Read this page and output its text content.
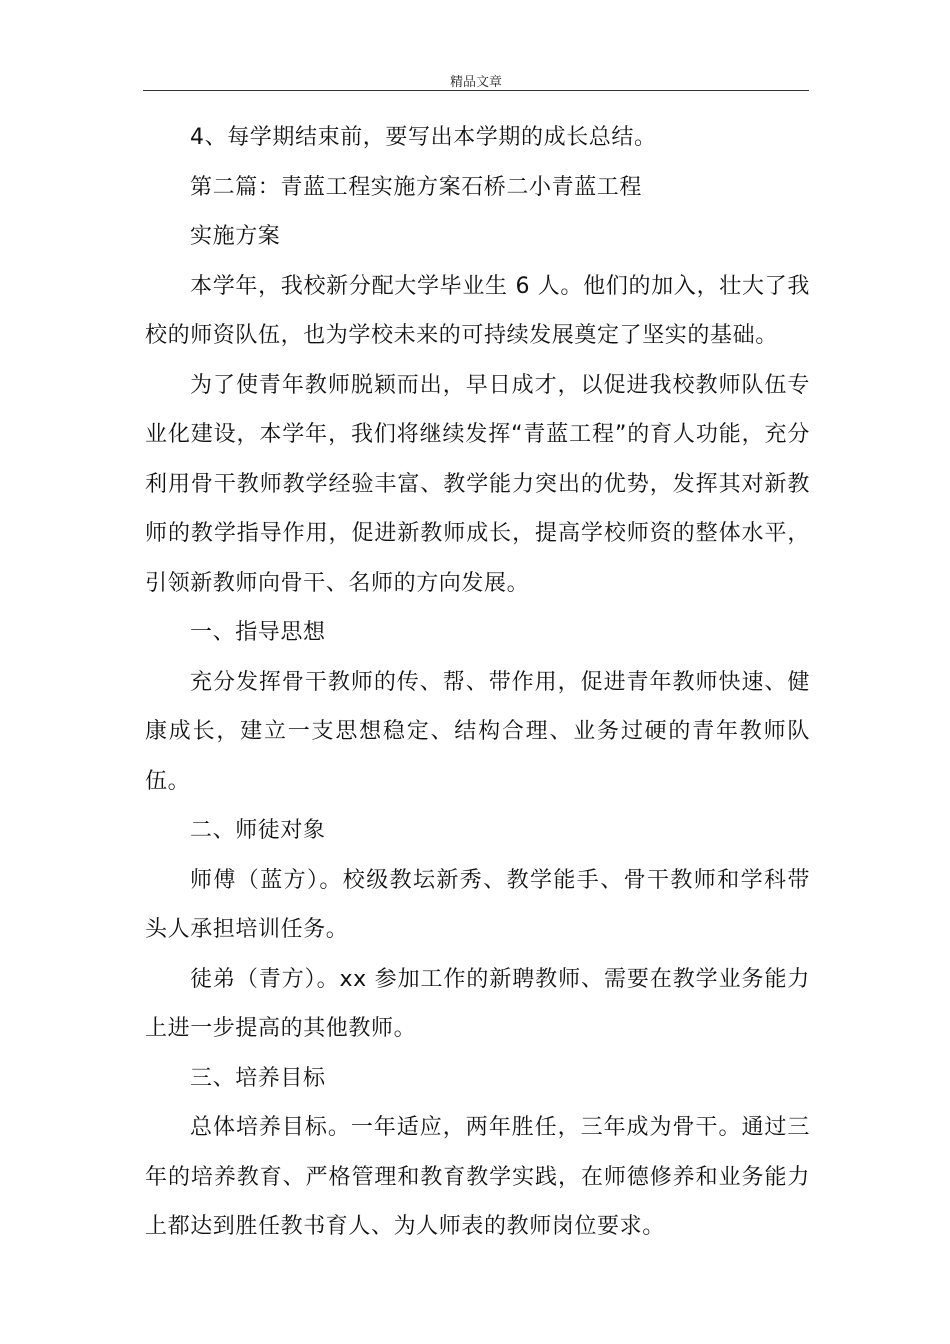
精品文章

4、每学期结束前，要写出本学期的成长总结。

第二篇：青蓝工程实施方案石桥二小青蓝工程

实施方案

本学年，我校新分配大学毕业生 6 人。他们的加入，壮大了我校的师资队伍，也为学校未来的可持续发展奠定了坚实的基础。

为了使青年教师脱颖而出，早日成才，以促进我校教师队伍专业化建设，本学年，我们将继续发挥“青蓝工程”的育人功能，充分利用骨干教师教学经验丰富、教学能力突出的优势，发挥其对新教师的教学指导作用，促进新教师成长，提高学校师资的整体水平，引领新教师向骨干、名师的方向发展。

一、指导思想

充分发挥骨干教师的传、帮、带作用，促进青年教师快速、健康成长，建立一支思想稳定、结构合理、业务过硬的青年教师队伍。

二、师徒对象

师傅（蓝方）。校级教坛新秀、教学能手、骨干教师和学科带头人承担培训任务。

徒弟（青方）。xx 参加工作的新聘教师、需要在教学业务能力上进一步提高的其他教师。

三、培养目标

总体培养目标。一年适应，两年胜任，三年成为骨干。通过三年的培养教育、严格管理和教育教学实践，在师德修养和业务能力上都达到胜任教书育人、为人师表的教师岗位要求。
